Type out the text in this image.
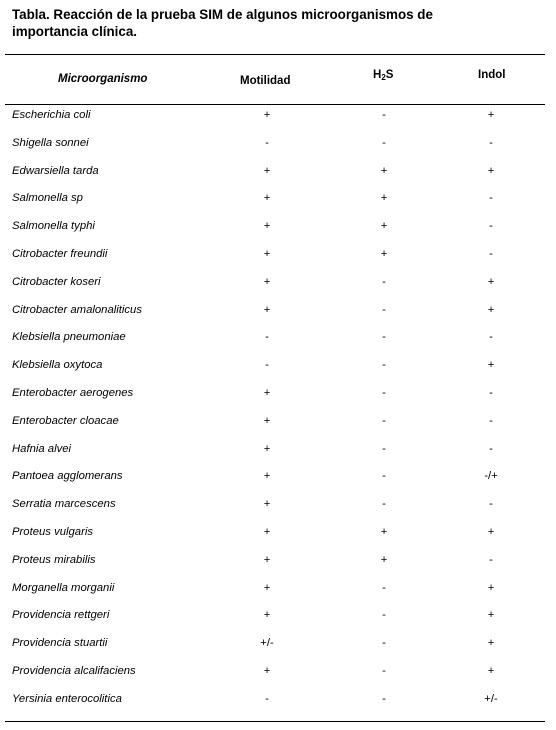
Tabla. Reacción de la prueba SIM de algunos microorganismos de
importancia clínica.
Microorganismo	Motilidad	$H_2S$	Indol
Escherichia coli	+	-	+
Shigella sonnei	-	-	-
Edwarsiella tarda	+	+	+
Salmonella sp	+	+	-
Salmonella typhi	+	+	-
Citrobacter freundii	+	+	-
Citrobacter koseri	+	-	+
Citrobacter amalonaliticus	+	-	+
Klebsiella pneumoniae	-	-	-
Klebsiella oxytoca	-	-	+
Enterobacter aerogenes	+	-	-
Enterobacter cloacae	+	-	-
Hafnia alvei	+	-	-
Pantoea agglomerans	+	-	-/+
Serratia marcescens	+	-	-
Proteus vulgaris	+	+	+
Proteus mirabilis	+	+	-
Morganella morganii	+	-	+
Providencia rettgeri	+	-	+
Providencia stuartii	+/-	-	+
Providencia alcalifaciens	+	-	+
Yersinia enterocolitica	-	-	+/-
